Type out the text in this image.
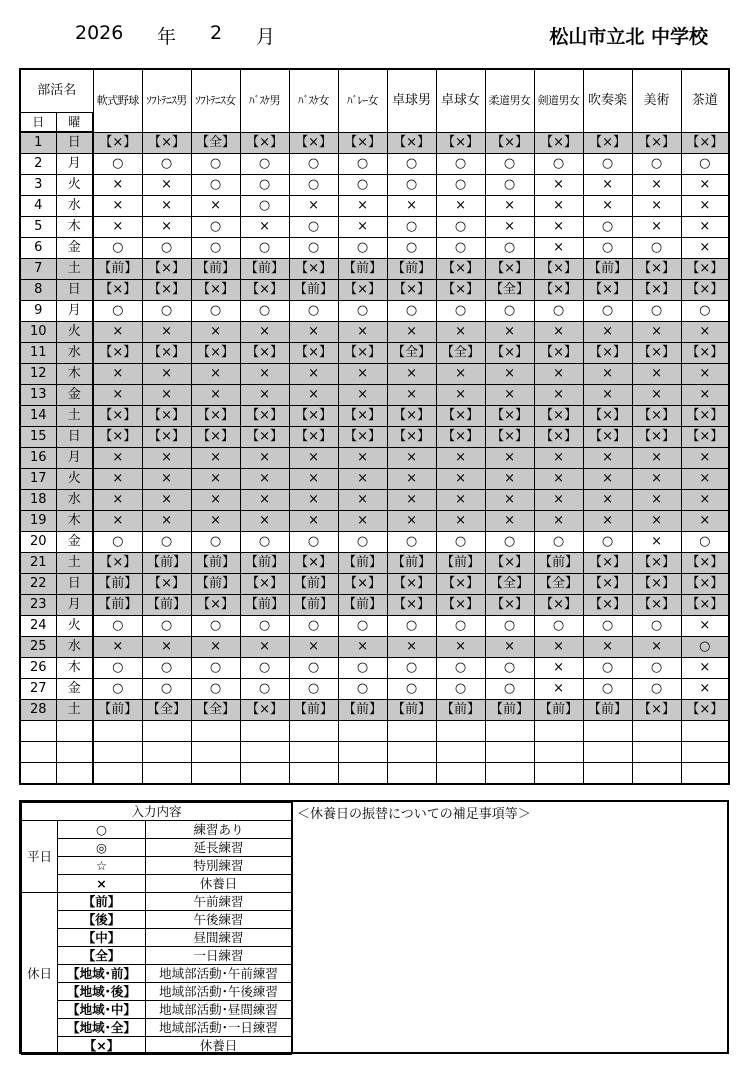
2026 年 2 月	松山市立北 中学校
部活名		軟式野球	ｿﾌﾄﾃﾆｽ男	ｿﾌﾄﾃﾆｽ女	ﾊﾞｽｹ男	ﾊﾞｽｹ女	ﾊﾞﾚｰ女	卓球男	卓球女	柔道男女	剣道男女	吹奏楽	美術	茶道
日	曜													
1	日	【×】	【×】	【全】	【×】	【×】	【×】	【×】	【×】	【×】	【×】	【×】	【×】	【×】
2	月	○	○	○	○	○	○	○	○	○	○	○	○	○
3	火	×	×	○	○	○	○	○	○	○	×	×	×	×
4	水	×	×	×	○	×	×	×	×	×	×	×	×	×
5	木	×	×	○	×	○	×	○	○	×	×	○	×	×
6	金	○	○	○	○	○	○	○	○	○	×	○	○	×
7	土	【前】	【×】	【前】	【前】	【×】	【前】	【前】	【×】	【×】	【×】	【前】	【×】	【×】
8	日	【×】	【×】	【×】	【×】	【前】	【×】	【×】	【×】	【全】	【×】	【×】	【×】	【×】
9	月	○	○	○	○	○	○	○	○	○	○	○	○	○
10	火	×	×	×	×	×	×	×	×	×	×	×	×	×
11	水	【×】	【×】	【×】	【×】	【×】	【×】	【全】	【全】	【×】	【×】	【×】	【×】	【×】
12	木	×	×	×	×	×	×	×	×	×	×	×	×	×
13	金	×	×	×	×	×	×	×	×	×	×	×	×	×
14	土	【×】	【×】	【×】	【×】	【×】	【×】	【×】	【×】	【×】	【×】	【×】	【×】	【×】
15	日	【×】	【×】	【×】	【×】	【×】	【×】	【×】	【×】	【×】	【×】	【×】	【×】	【×】
16	月	×	×	×	×	×	×	×	×	×	×	×	×	×
17	火	×	×	×	×	×	×	×	×	×	×	×	×	×
18	水	×	×	×	×	×	×	×	×	×	×	×	×	×
19	木	×	×	×	×	×	×	×	×	×	×	×	×	×
20	金	○	○	○	○	○	○	○	○	○	○	○	×	○
21	土	【×】	【前】	【前】	【前】	【×】	【前】	【前】	【前】	【×】	【前】	【×】	【×】	【×】
22	日	【前】	【×】	【前】	【×】	【前】	【×】	【×】	【×】	【全】	【全】	【×】	【×】	【×】
23	月	【前】	【前】	【×】	【前】	【前】	【前】	【×】	【×】	【×】	【×】	【×】	【×】	【×】
24	火	○	○	○	○	○	○	○	○	○	○	○	○	×
25	水	×	×	×	×	×	×	×	×	×	×	×	×	○
26	木	○	○	○	○	○	○	○	○	○	×	○	○	×
27	金	○	○	○	○	○	○	○	○	○	×	○	○	×
28	土	【前】	【全】	【全】	【×】	【前】	【前】	【前】	【前】	【前】	【前】	【前】	【×】	【×】

入力内容		
平日	○	練習あり
	◎	延長練習
	☆	特別練習
	×	休養日
休日	【前】	午前練習
	【後】	午後練習
	【中】	昼間練習
	【全】	一日練習
	【地域･前】	地域部活動･午前練習
	【地域･後】	地域部活動･午後練習
	【地域･中】	地域部活動･昼間練習
	【地域･全】	地域部活動･一日練習
	【×】	休養日
＜休養日の振替についての補足事項等＞
